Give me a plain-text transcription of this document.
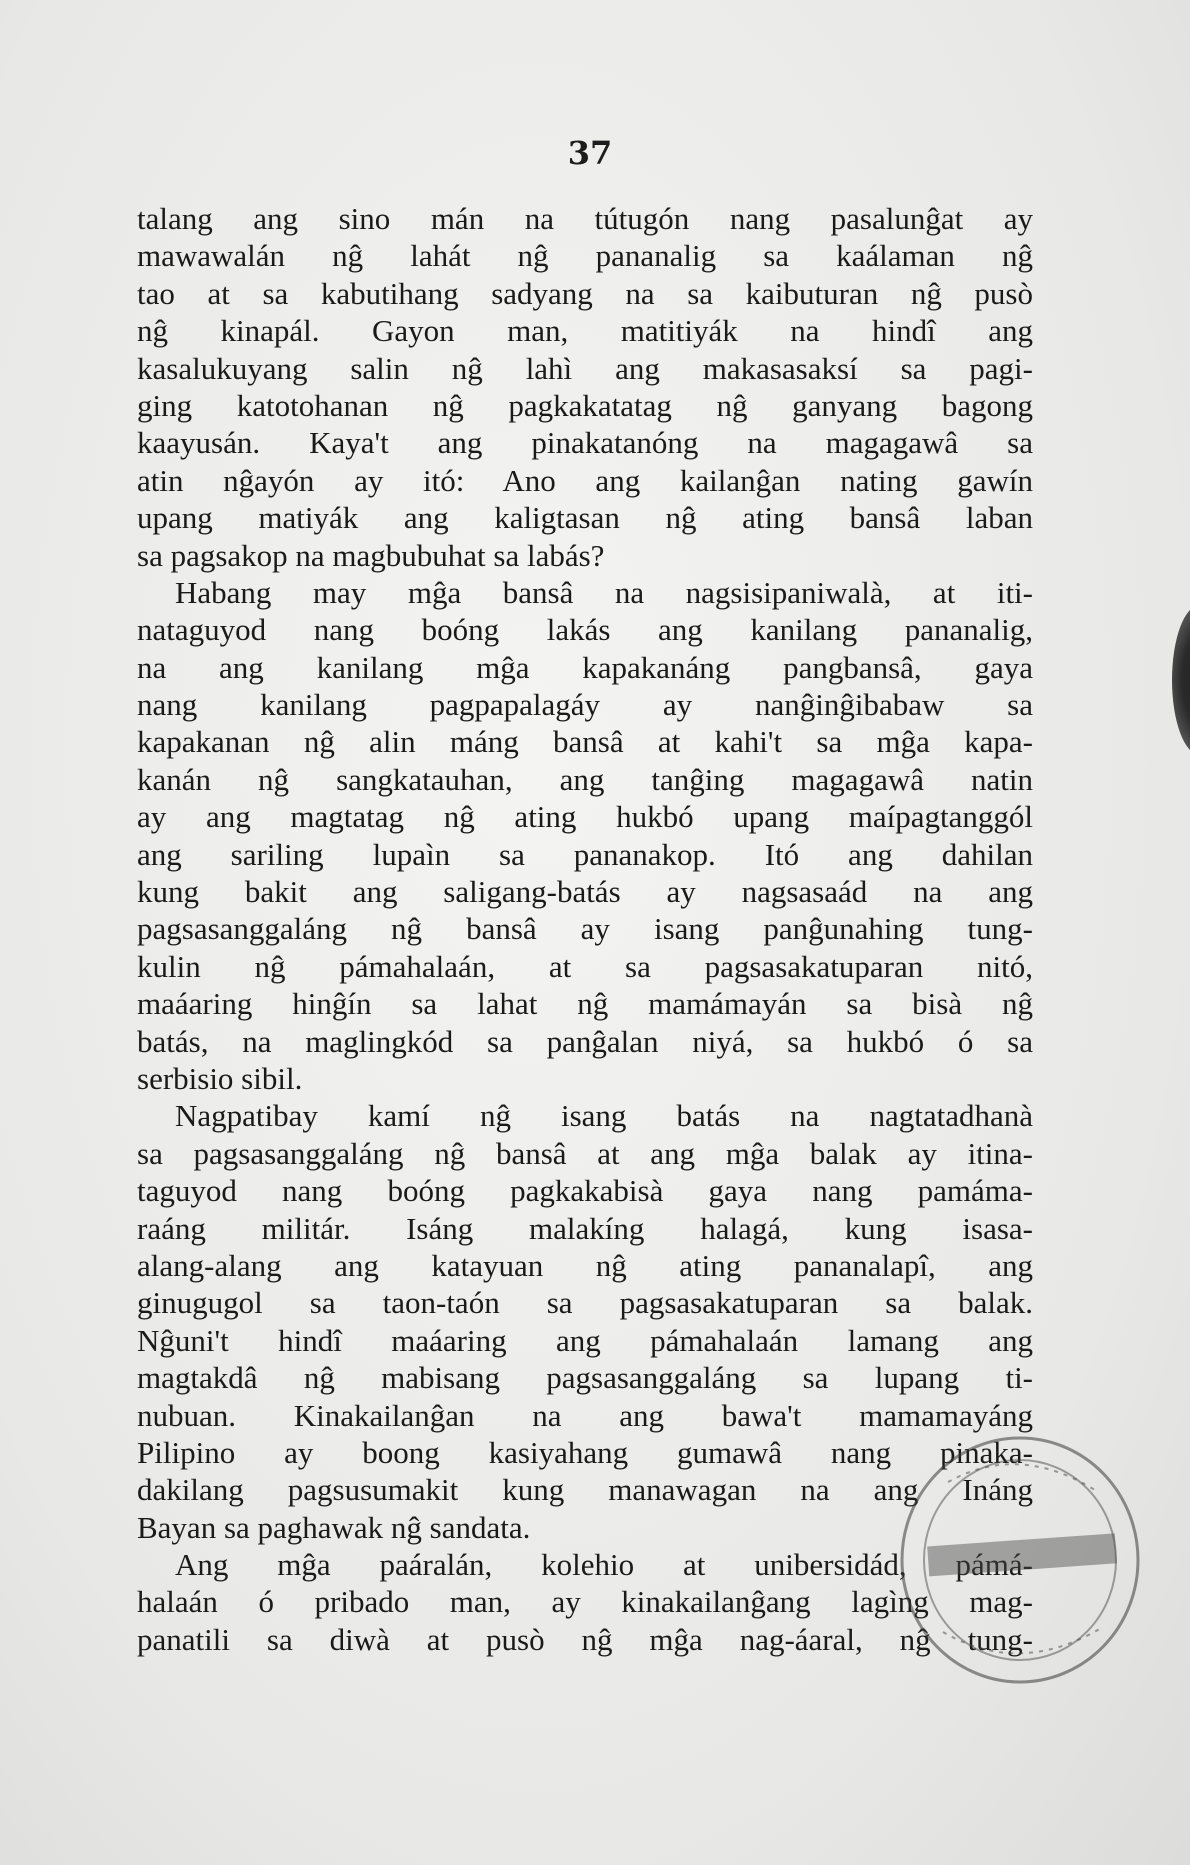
37
talang ang sino mán na tútugón nang pasalunĝat ay
mawawalán nĝ lahát nĝ pananalig sa kaálaman nĝ
tao at sa kabutihang sadyang na sa kaibuturan nĝ pusò
nĝ kinapál. Gayon man, matitiyák na hindî ang
kasalukuyang salin nĝ lahì ang makasasaksí sa pagi-
ging katotohanan nĝ pagkakatatag nĝ ganyang bagong
kaayusán. Kaya't ang pinakatanóng na magagawâ sa
atin nĝayón ay itó: Ano ang kailanĝan nating gawín
upang matiyák ang kaligtasan nĝ ating bansâ laban
sa pagsakop na magbubuhat sa labás?
Habang may mĝa bansâ na nagsisipaniwalà, at iti-
nataguyod nang boóng lakás ang kanilang pananalig,
na ang kanilang mĝa kapakanáng pangbansâ, gaya
nang kanilang pagpapalagáy ay nanĝinĝibabaw sa
kapakanan nĝ alin máng bansâ at kahi't sa mĝa kapa-
kanán nĝ sangkatauhan, ang tanĝing magagawâ natin
ay ang magtatag nĝ ating hukbó upang maípagtanggól
ang sariling lupaìn sa pananakop. Itó ang dahilan
kung bakit ang saligang-batás ay nagsasaád na ang
pagsasanggaláng nĝ bansâ ay isang panĝunahing tung-
kulin nĝ pámahalaán, at sa pagsasakatuparan nitó,
maáaring hinĝín sa lahat nĝ mamámayán sa bisà nĝ
batás, na maglingkód sa panĝalan niyá, sa hukbó ó sa
serbisio sibil.
Nagpatibay kamí nĝ isang batás na nagtatadhanà
sa pagsasanggaláng nĝ bansâ at ang mĝa balak ay itina-
taguyod nang boóng pagkakabisà gaya nang pamáma-
raáng militár. Isáng malakíng halagá, kung isasa-
alang-alang ang katayuan nĝ ating pananalapî, ang
ginugugol sa taon-taón sa pagsasakatuparan sa balak.
Nĝuni't hindî maáaring ang pámahalaán lamang ang
magtakdâ nĝ mabisang pagsasanggaláng sa lupang ti-
nubuan. Kinakailanĝan na ang bawa't mamamayáng
Pilipino ay boong kasiyahang gumawâ nang pinaka-
dakilang pagsusumakit kung manawagan na ang Ináng
Bayan sa paghawak nĝ sandata.
Ang mĝa paáralán, kolehio at unibersidád, pámá-
halaán ó pribado man, ay kinakailanĝang lagìng mag-
panatili sa diwà at pusò nĝ mĝa nag-áaral, nĝ tung-
